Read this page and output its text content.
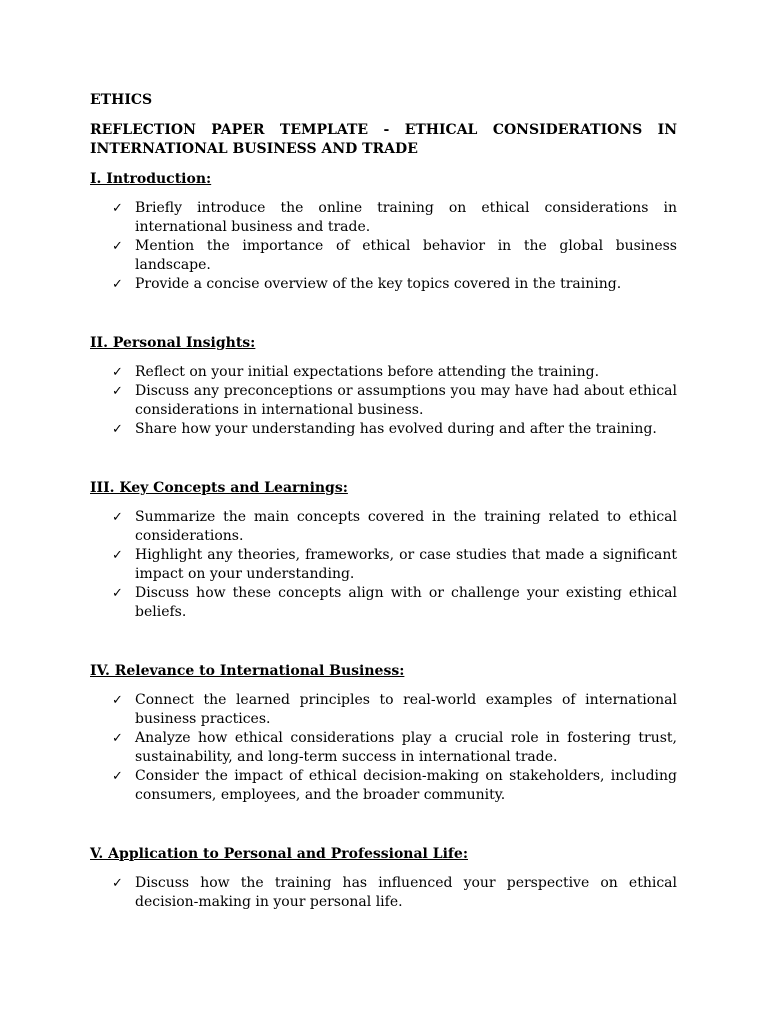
ETHICS
REFLECTION PAPER TEMPLATE - ETHICAL CONSIDERATIONS IN INTERNATIONAL BUSINESS AND TRADE
I. Introduction:
✓ Briefly introduce the online training on ethical considerations in international business and trade.
✓ Mention the importance of ethical behavior in the global business landscape.
✓ Provide a concise overview of the key topics covered in the training.
II. Personal Insights:
✓ Reflect on your initial expectations before attending the training.
✓ Discuss any preconceptions or assumptions you may have had about ethical considerations in international business.
✓ Share how your understanding has evolved during and after the training.
III. Key Concepts and Learnings:
✓ Summarize the main concepts covered in the training related to ethical considerations.
✓ Highlight any theories, frameworks, or case studies that made a significant impact on your understanding.
✓ Discuss how these concepts align with or challenge your existing ethical beliefs.
IV. Relevance to International Business:
✓ Connect the learned principles to real-world examples of international business practices.
✓ Analyze how ethical considerations play a crucial role in fostering trust, sustainability, and long-term success in international trade.
✓ Consider the impact of ethical decision-making on stakeholders, including consumers, employees, and the broader community.
V. Application to Personal and Professional Life:
✓ Discuss how the training has influenced your perspective on ethical decision-making in your personal life.
